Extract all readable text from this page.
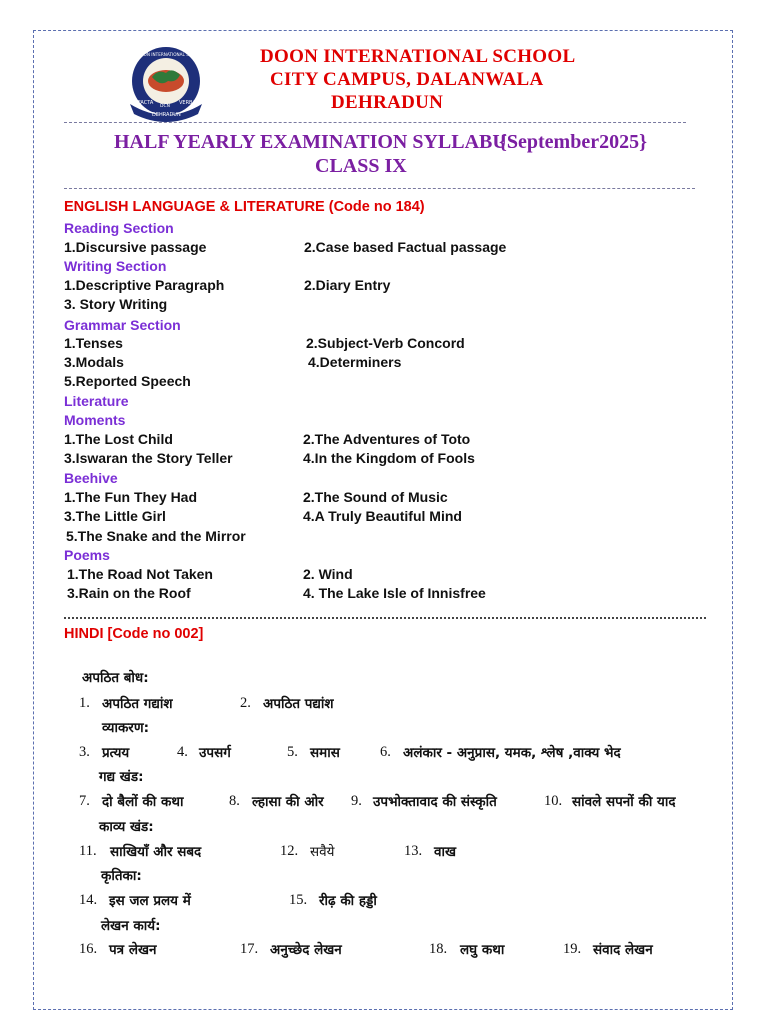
FACTA	VERBA
DEHRADUN
DOON INTERNATIONAL SCHOOL
DCN
DOON INTERNATIONAL SCHOOL
CITY CAMPUS, DALANWALA
DEHRADUN
HALF YEARLY EXAMINATION SYLLABUS
{September2025}
CLASS IX
ENGLISH LANGUAGE & LITERATURE (Code no 184)
Reading Section
1.Discursive passage	2.Case based Factual passage
Writing Section
1.Descriptive Paragraph	2.Diary Entry
3. Story Writing
Grammar Section
1.Tenses	2.Subject-Verb Concord
3.Modals	4.Determiners
5.Reported Speech
Literature
Moments
1.The Lost Child	2.The Adventures of Toto
3.Iswaran the Story Teller	4.In the Kingdom of Fools
Beehive
1.The Fun They Had	2.The Sound of Music
3.The Little Girl	4.A Truly Beautiful Mind
5.The Snake and the Mirror
Poems
1.The Road Not Taken	2. Wind
3.Rain on the Roof	4. The Lake Isle of Innisfree
HINDI [Code no 002]
अपठित बोध:
1. अपठित गद्यांश	2. अपठित पद्यांश
व्याकरण:
3. प्रत्यय	4. उपसर्ग	5. समास	6. अलंकार - अनुप्रास, यमक, श्लेष ,वाक्य भेद
गद्य खंड:
7. दो बैलों की कथा	8. ल्हासा की ओर 9. उपभोक्तावाद की संस्कृति	10. सांवले सपनों की याद
काव्य खंड:
11. साखियाँ और सबद	12. सवैये	13. वाख
कृतिका:
14. इस जल प्रलय में	15. रीढ़ की हड्डी
लेखन कार्य:
16. पत्र लेखन	17. अनुच्छेद लेखन	18. लघु कथा	19. संवाद लेखन
